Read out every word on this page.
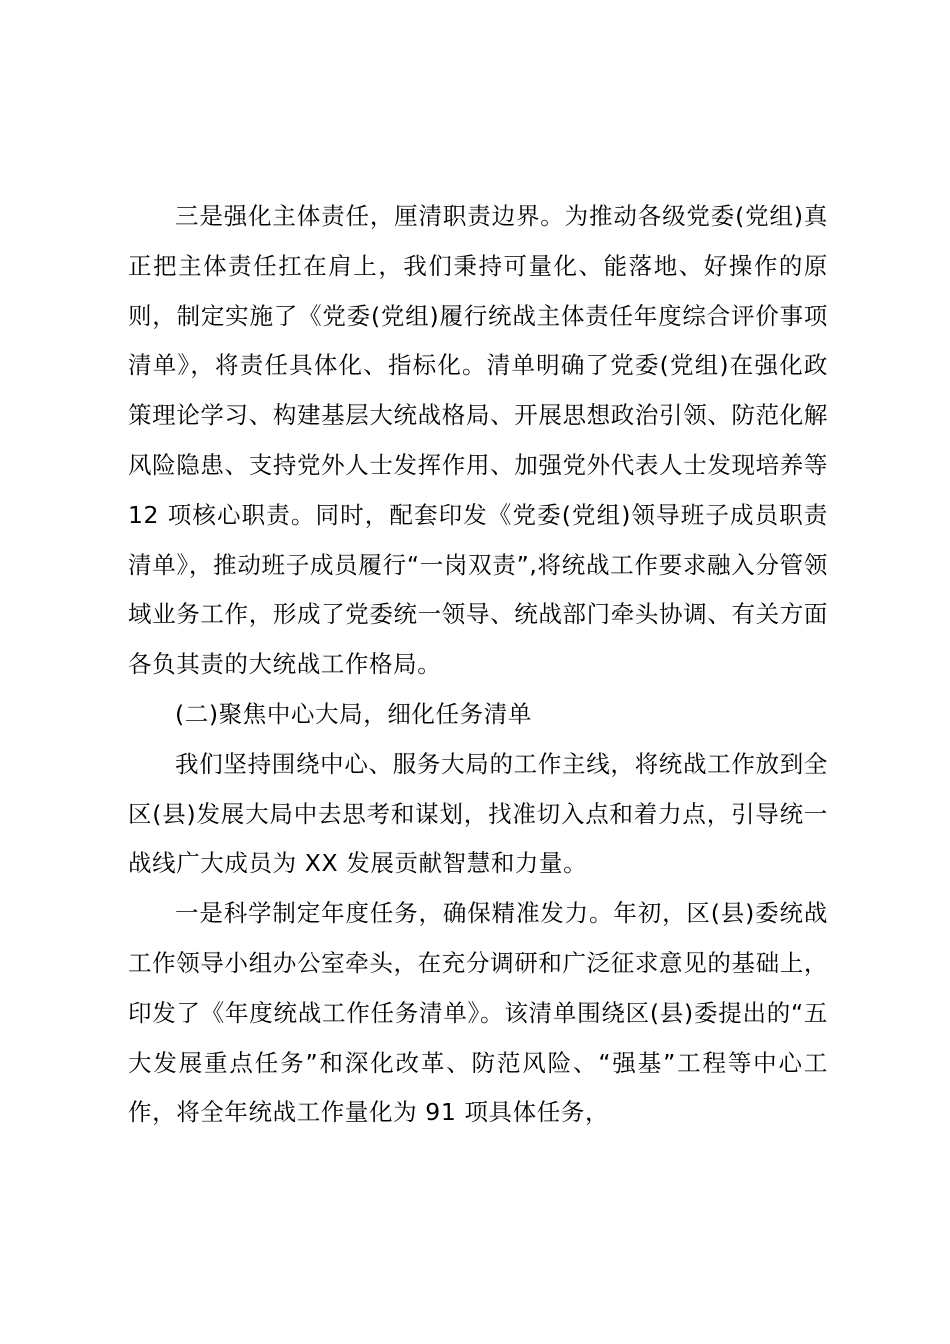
三是强化主体责任，厘清职责边界。为推动各级党委(党组)真正把主体责任扛在肩上，我们秉持可量化、能落地、好操作的原则，制定实施了《党委(党组)履行统战主体责任年度综合评价事项清单》，将责任具体化、指标化。清单明确了党委(党组)在强化政策理论学习、构建基层大统战格局、开展思想政治引领、防范化解风险隐患、支持党外人士发挥作用、加强党外代表人士发现培养等 12 项核心职责。同时，配套印发《党委(党组)领导班子成员职责清单》，推动班子成员履行“一岗双责”,将统战工作要求融入分管领域业务工作，形成了党委统一领导、统战部门牵头协调、有关方面各负其责的大统战工作格局。

(二)聚焦中心大局，细化任务清单

我们坚持围绕中心、服务大局的工作主线，将统战工作放到全区(县)发展大局中去思考和谋划，找准切入点和着力点，引导统一战线广大成员为 XX 发展贡献智慧和力量。

一是科学制定年度任务，确保精准发力。年初，区(县)委统战工作领导小组办公室牵头，在充分调研和广泛征求意见的基础上，印发了《年度统战工作任务清单》。该清单围绕区(县)委提出的“五大发展重点任务”和深化改革、防范风险、“强基”工程等中心工作，将全年统战工作量化为 91 项具体任务，
